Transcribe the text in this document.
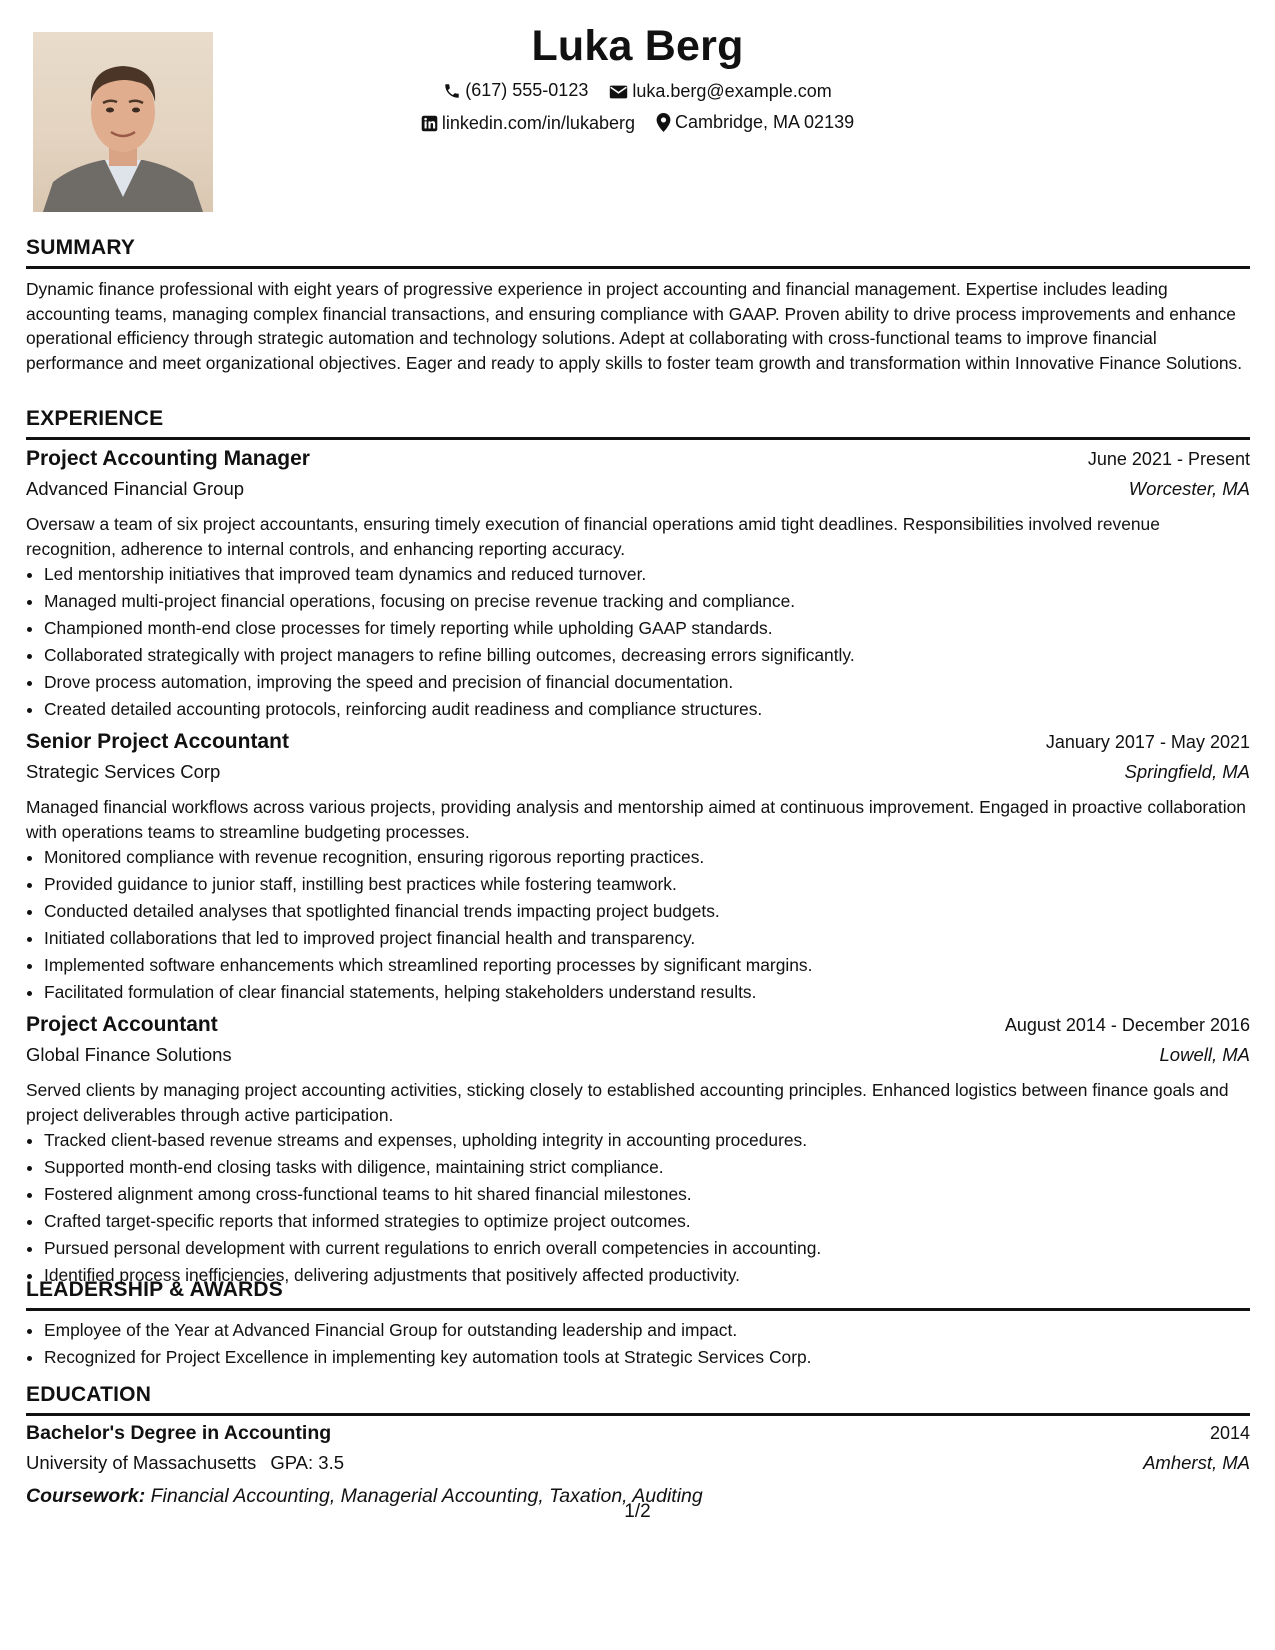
Luka Berg
(617) 555-0123
luka.berg@example.com
linkedin.com/in/lukaberg
Cambridge, MA 02139
SUMMARY

Dynamic finance professional with eight years of progressive experience in project accounting and financial management. Expertise includes leading accounting teams, managing complex financial transactions, and ensuring compliance with GAAP. Proven ability to drive process improvements and enhance operational efficiency through strategic automation and technology solutions. Adept at collaborating with cross-functional teams to improve financial performance and meet organizational objectives. Eager and ready to apply skills to foster team growth and transformation within Innovative Finance Solutions.

EXPERIENCE
Project Accounting Manager	June 2021 - Present
Advanced Financial Group	Worcester, MA

Oversaw a team of six project accountants, ensuring timely execution of financial operations amid tight deadlines. Responsibilities involved revenue recognition, adherence to internal controls, and enhancing reporting accuracy.

• Led mentorship initiatives that improved team dynamics and reduced turnover.
• Managed multi-project financial operations, focusing on precise revenue tracking and compliance.
• Championed month-end close processes for timely reporting while upholding GAAP standards.
• Collaborated strategically with project managers to refine billing outcomes, decreasing errors significantly.
• Drove process automation, improving the speed and precision of financial documentation.
• Created detailed accounting protocols, reinforcing audit readiness and compliance structures.
Senior Project Accountant	January 2017 - May 2021
Strategic Services Corp	Springfield, MA

Managed financial workflows across various projects, providing analysis and mentorship aimed at continuous improvement. Engaged in proactive collaboration with operations teams to streamline budgeting processes.

• Monitored compliance with revenue recognition, ensuring rigorous reporting practices.
• Provided guidance to junior staff, instilling best practices while fostering teamwork.
• Conducted detailed analyses that spotlighted financial trends impacting project budgets.
• Initiated collaborations that led to improved project financial health and transparency.
• Implemented software enhancements which streamlined reporting processes by significant margins.
• Facilitated formulation of clear financial statements, helping stakeholders understand results.
Project Accountant	August 2014 - December 2016
Global Finance Solutions	Lowell, MA

Served clients by managing project accounting activities, sticking closely to established accounting principles. Enhanced logistics between finance goals and project deliverables through active participation.

• Tracked client-based revenue streams and expenses, upholding integrity in accounting procedures.
• Supported month-end closing tasks with diligence, maintaining strict compliance.
• Fostered alignment among cross-functional teams to hit shared financial milestones.
• Crafted target-specific reports that informed strategies to optimize project outcomes.
• Pursued personal development with current regulations to enrich overall competencies in accounting.
• Identified process inefficiencies, delivering adjustments that positively affected productivity.
LEADERSHIP & AWARDS
• Employee of the Year at Advanced Financial Group for outstanding leadership and impact.
• Recognized for Project Excellence in implementing key automation tools at Strategic Services Corp.
EDUCATION
Bachelor's Degree in Accounting	2014
University of Massachusetts GPA: 3.5	Amherst, MA
Coursework: Financial Accounting, Managerial Accounting, Taxation, Auditing
1/2
